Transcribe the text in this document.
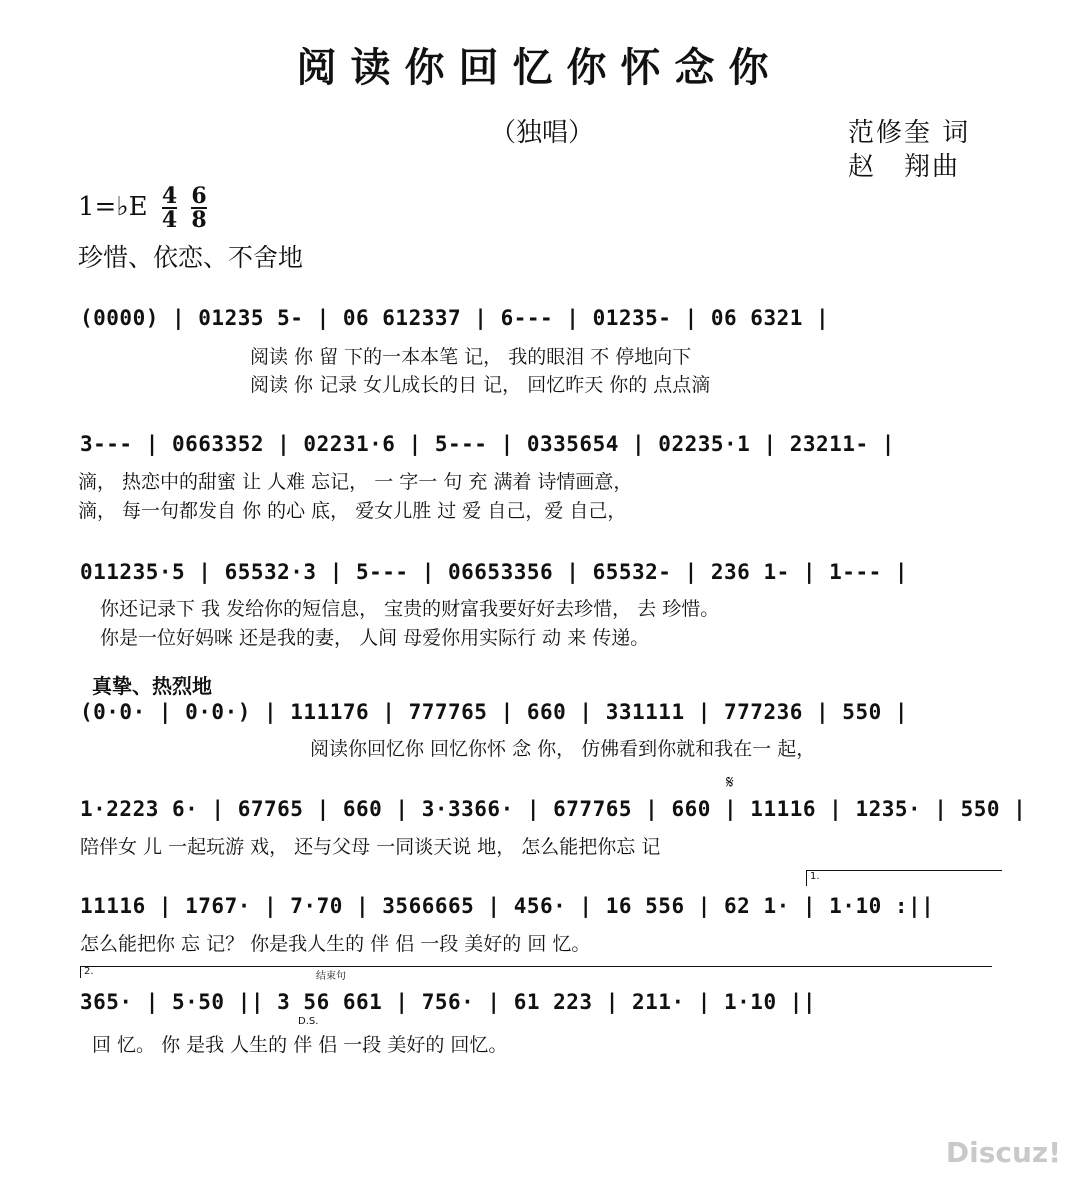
阅读你回忆你怀念你
（独唱）	范修奎 词
赵　翔曲
1=♭E $\frac{4}{4}$
$\frac{6}{8}$
珍惜、依恋、不舍地
(0000) | 01235 5- | 06 612337 | 6--- | 01235- | 06 6321 |
阅读 你 留 下的一本本笔 记， 我的眼泪 不 停地向下
阅读 你 记录 女儿成长的日 记， 回忆昨天 你的 点点滴
3--- | 0663352 | 02231·6 | 5--- | 0335654 | 02235·1 | 23211- |
滴， 热恋中的甜蜜 让 人难 忘记， 一 字一 句 充 满着 诗情画意，
滴， 每一句都发自 你 的心 底， 爱女儿胜 过 爱 自己，爱 自己，
011235·5 | 65532·3 | 5--- | 06653356 | 65532- | 236 1- | 1--- |
你还记录下 我 发给你的短信息， 宝贵的财富我要好好去珍惜， 去 珍惜。
你是一位好妈咪 还是我的妻， 人间 母爱你用实际行 动 来 传递。
真挚、热烈地
(0·0· | 0·0·) | 111176 | 777765 | 660 | 331111 | 777236 | 550 |
阅读你回忆你 回忆你怀 念 你， 仿佛看到你就和我在一 起，
𝄋
1·2223 6· | 67765 | 660 | 3·3366· | 677765 | 660 | 11116 | 1235· | 550 |
陪伴女 儿 一起玩游 戏， 还与父母 一同谈天说 地， 怎么能把你忘 记
1.
11116 | 1767· | 7·70 | 3566665 | 456· | 16 556 | 62 1· | 1·10 :||
怎么能把你 忘 记？ 你是我人生的 伴 侣 一段 美好的 回 忆。
2.	结束句
365· | 5·50 || 3 56 661 | 756· | 61 223 | 211· | 1·10 ||
D.S.
回 忆。 你 是我 人生的 伴 侣 一段 美好的 回忆。
Discuz!
